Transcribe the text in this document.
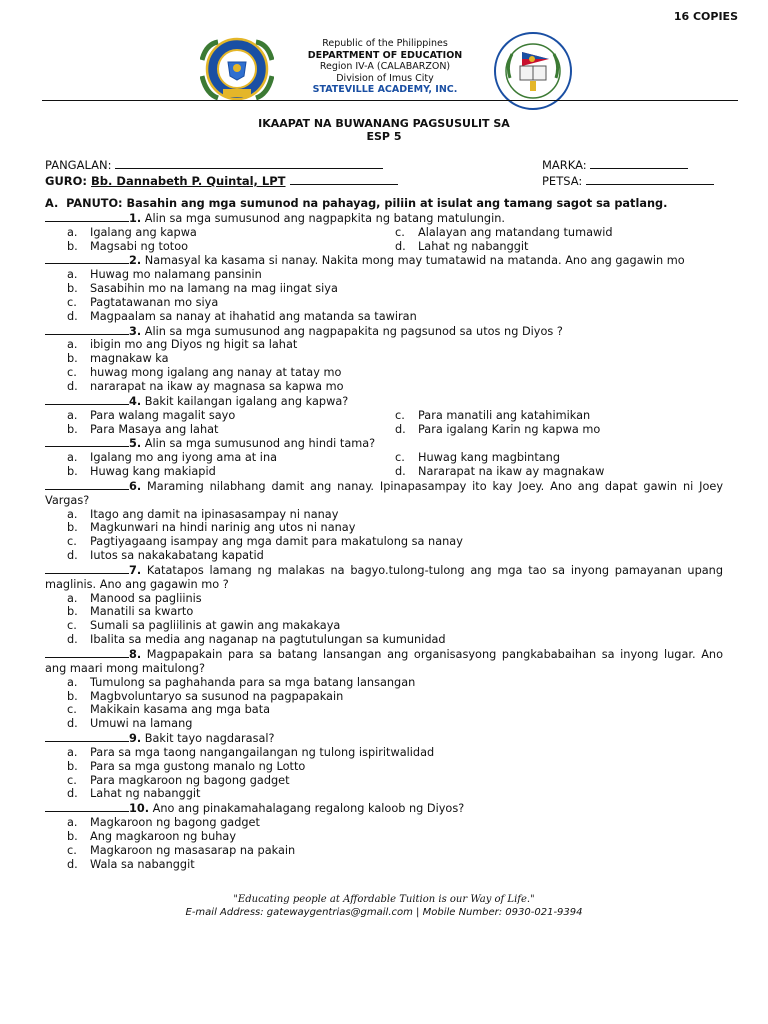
16 COPIES
Republic of the Philippines
DEPARTMENT OF EDUCATION
Region IV-A (CALABARZON)
Division of Imus City
STATEVILLE ACADEMY, INC.
IKAAPAT NA BUWANANG PAGSUSULIT SA
ESP 5
PANGALAN:	MARKA:
GURO: Bb. Dannabeth P. Quintal, LPT	PETSA:

A. PANUTO: Basahin ang mga sumunod na pahayag, piliin at isulat ang tamang sagot sa patlang.

1. Alin sa mga sumusunod ang nagpapkita ng batang matulungin.

a.	Igalang ang kapwa	c.	Alalayan ang matandang tumawid
b.	Magsabi ng totoo	d.	Lahat ng nabanggit

2. Namasyal ka kasama si nanay. Nakita mong may tumatawid na matanda. Ano ang gagawin mo

a.	Huwag mo nalamang pansinin
b.	Sasabihin mo na lamang na mag iingat siya
c.	Pagtatawanan mo siya
d.	Magpaalam sa nanay at ihahatid ang matanda sa tawiran

3. Alin sa mga sumusunod ang nagpapakita ng pagsunod sa utos ng Diyos ?

a.	ibigin mo ang Diyos ng higit sa lahat
b.	magnakaw ka
c.	huwag mong igalang ang nanay at tatay mo
d.	nararapat na ikaw ay magnasa sa kapwa mo

4. Bakit kailangan igalang ang kapwa?

a.	Para walang magalit sayo	c.	Para manatili ang katahimikan
b.	Para Masaya ang lahat	d.	Para igalang Karin ng kapwa mo

5. Alin sa mga sumusunod ang hindi tama?

a.	Igalang mo ang iyong ama at ina	c.	Huwag kang magbintang
b.	Huwag kang makiapid	d.	Nararapat na ikaw ay magnakaw

6. Maraming nilabhang damit ang nanay. Ipinapasampay ito kay Joey. Ano ang dapat gawin ni Joey Vargas?

a.	Itago ang damit na ipinasasampay ni nanay
b.	Magkunwari na hindi narinig ang utos ni nanay
c.	Pagtiyagaang isampay ang mga damit para makatulong sa nanay
d.	Iutos sa nakakabatang kapatid

7. Katatapos lamang ng malakas na bagyo.tulong-tulong ang mga tao sa inyong pamayanan upang maglinis. Ano ang gagawin mo ?

a.	Manood sa pagliinis
b.	Manatili sa kwarto
c.	Sumali sa pagliilinis at gawin ang makakaya
d.	Ibalita sa media ang naganap na pagtutulungan sa kumunidad

8. Magpapakain para sa batang lansangan ang organisasyong pangkababaihan sa inyong lugar. Ano ang maari mong maitulong?

a.	Tumulong sa paghahanda para sa mga batang lansangan
b.	Magbvoluntaryo sa susunod na pagpapakain
c.	Makikain kasama ang mga bata
d.	Umuwi na lamang

9. Bakit tayo nagdarasal?

a.	Para sa mga taong nangangailangan ng tulong ispiritwalidad
b.	Para sa mga gustong manalo ng Lotto
c.	Para magkaroon ng bagong gadget
d.	Lahat ng nabanggit

10. Ano ang pinakamahalagang regalong kaloob ng Diyos?

a.	Magkaroon ng bagong gadget
b.	Ang magkaroon ng buhay
c.	Magkaroon ng masasarap na pakain
d.	Wala sa nabanggit
"Educating people at Affordable Tuition is our Way of Life."
E-mail Address: gatewaygentrias@gmail.com | Mobile Number: 0930-021-9394
